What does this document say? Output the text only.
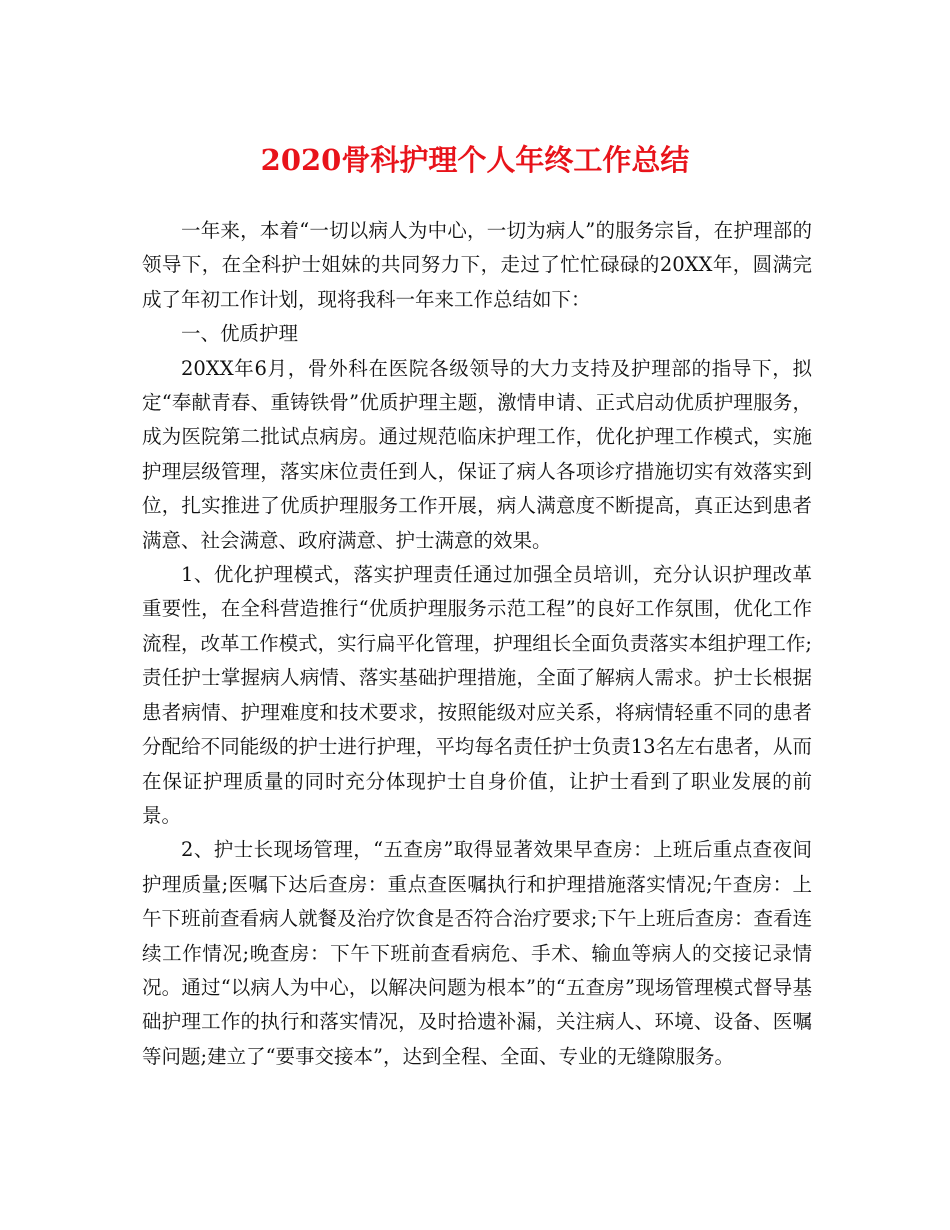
2020骨科护理个人年终工作总结

一年来，本着“一切以病人为中心，一切为病人”的服务宗旨，在护理部的领导下，在全科护士姐妹的共同努力下，走过了忙忙碌碌的20XX年，圆满完成了年初工作计划，现将我科一年来工作总结如下：

一、优质护理

20XX年6月，骨外科在医院各级领导的大力支持及护理部的指导下，拟定“奉献青春、重铸铁骨”优质护理主题，激情申请、正式启动优质护理服务，成为医院第二批试点病房。通过规范临床护理工作，优化护理工作模式，实施护理层级管理，落实床位责任到人，保证了病人各项诊疗措施切实有效落实到位，扎实推进了优质护理服务工作开展，病人满意度不断提高，真正达到患者满意、社会满意、政府满意、护士满意的效果。

1、优化护理模式，落实护理责任通过加强全员培训，充分认识护理改革重要性，在全科营造推行“优质护理服务示范工程”的良好工作氛围，优化工作流程，改革工作模式，实行扁平化管理，护理组长全面负责落实本组护理工作;责任护士掌握病人病情、落实基础护理措施，全面了解病人需求。护士长根据患者病情、护理难度和技术要求，按照能级对应关系，将病情轻重不同的患者分配给不同能级的护士进行护理，平均每名责任护士负责13名左右患者，从而在保证护理质量的同时充分体现护士自身价值，让护士看到了职业发展的前景。

2、护士长现场管理，“五查房”取得显著效果早查房：上班后重点查夜间护理质量;医嘱下达后查房：重点查医嘱执行和护理措施落实情况;午查房：上午下班前查看病人就餐及治疗饮食是否符合治疗要求;下午上班后查房：查看连续工作情况;晚查房：下午下班前查看病危、手术、输血等病人的交接记录情况。通过“以病人为中心，以解决问题为根本”的“五查房”现场管理模式督导基础护理工作的执行和落实情况，及时拾遗补漏，关注病人、环境、设备、医嘱等问题;建立了“要事交接本”，达到全程、全面、专业的无缝隙服务。
